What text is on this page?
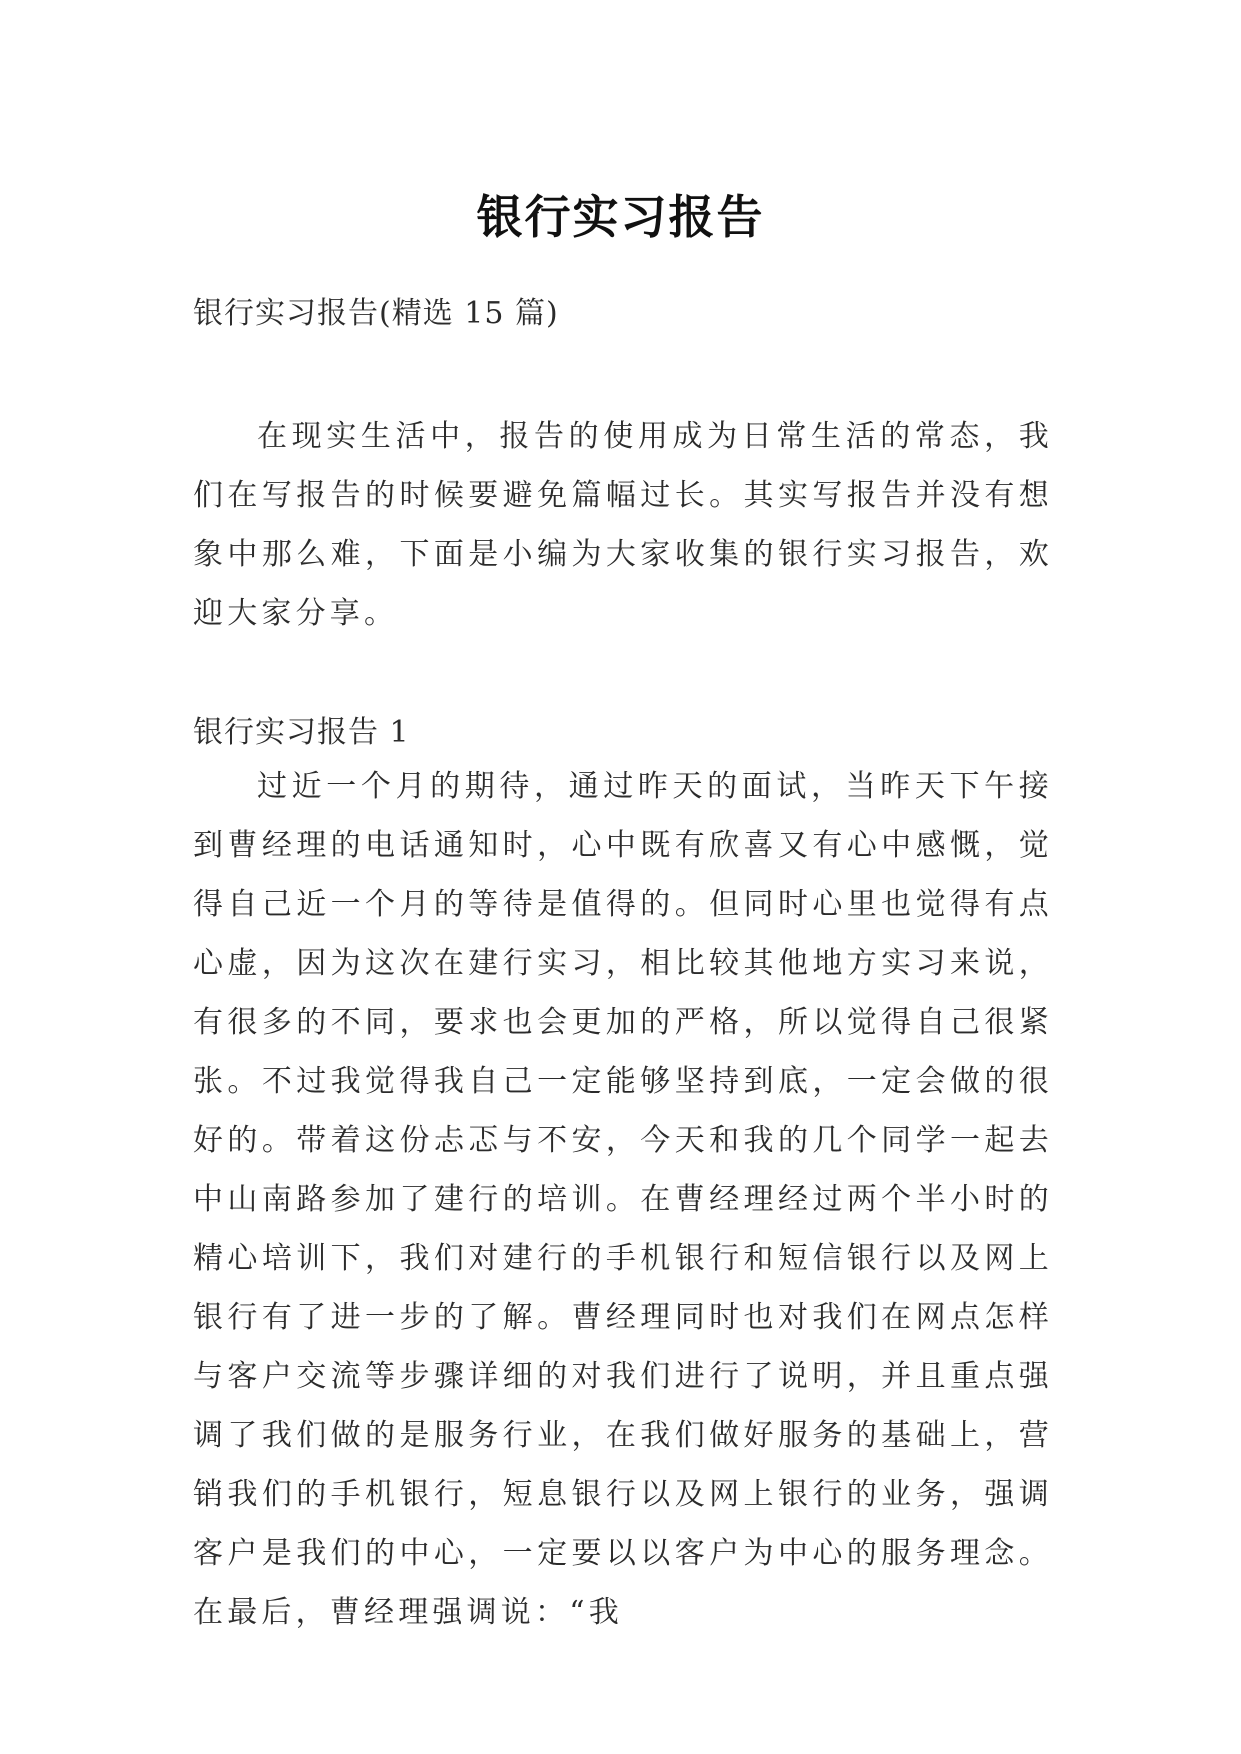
银行实习报告
银行实习报告(精选 15 篇)

在现实生活中，报告的使用成为日常生活的常态，我们在写报告的时候要避免篇幅过长。其实写报告并没有想象中那么难，下面是小编为大家收集的银行实习报告，欢迎大家分享。

银行实习报告 1

过近一个月的期待，通过昨天的面试，当昨天下午接到曹经理的电话通知时，心中既有欣喜又有心中感慨，觉得自己近一个月的等待是值得的。但同时心里也觉得有点心虚，因为这次在建行实习，相比较其他地方实习来说，有很多的不同，要求也会更加的严格，所以觉得自己很紧张。不过我觉得我自己一定能够坚持到底，一定会做的很好的。带着这份忐忑与不安，今天和我的几个同学一起去中山南路参加了建行的培训。在曹经理经过两个半小时的精心培训下，我们对建行的手机银行和短信银行以及网上银行有了进一步的了解。曹经理同时也对我们在网点怎样与客户交流等步骤详细的对我们进行了说明，并且重点强调了我们做的是服务行业，在我们做好服务的基础上，营销我们的手机银行，短息银行以及网上银行的业务，强调客户是我们的中心，一定要以以客户为中心的服务理念。在最后，曹经理强调说：“我
